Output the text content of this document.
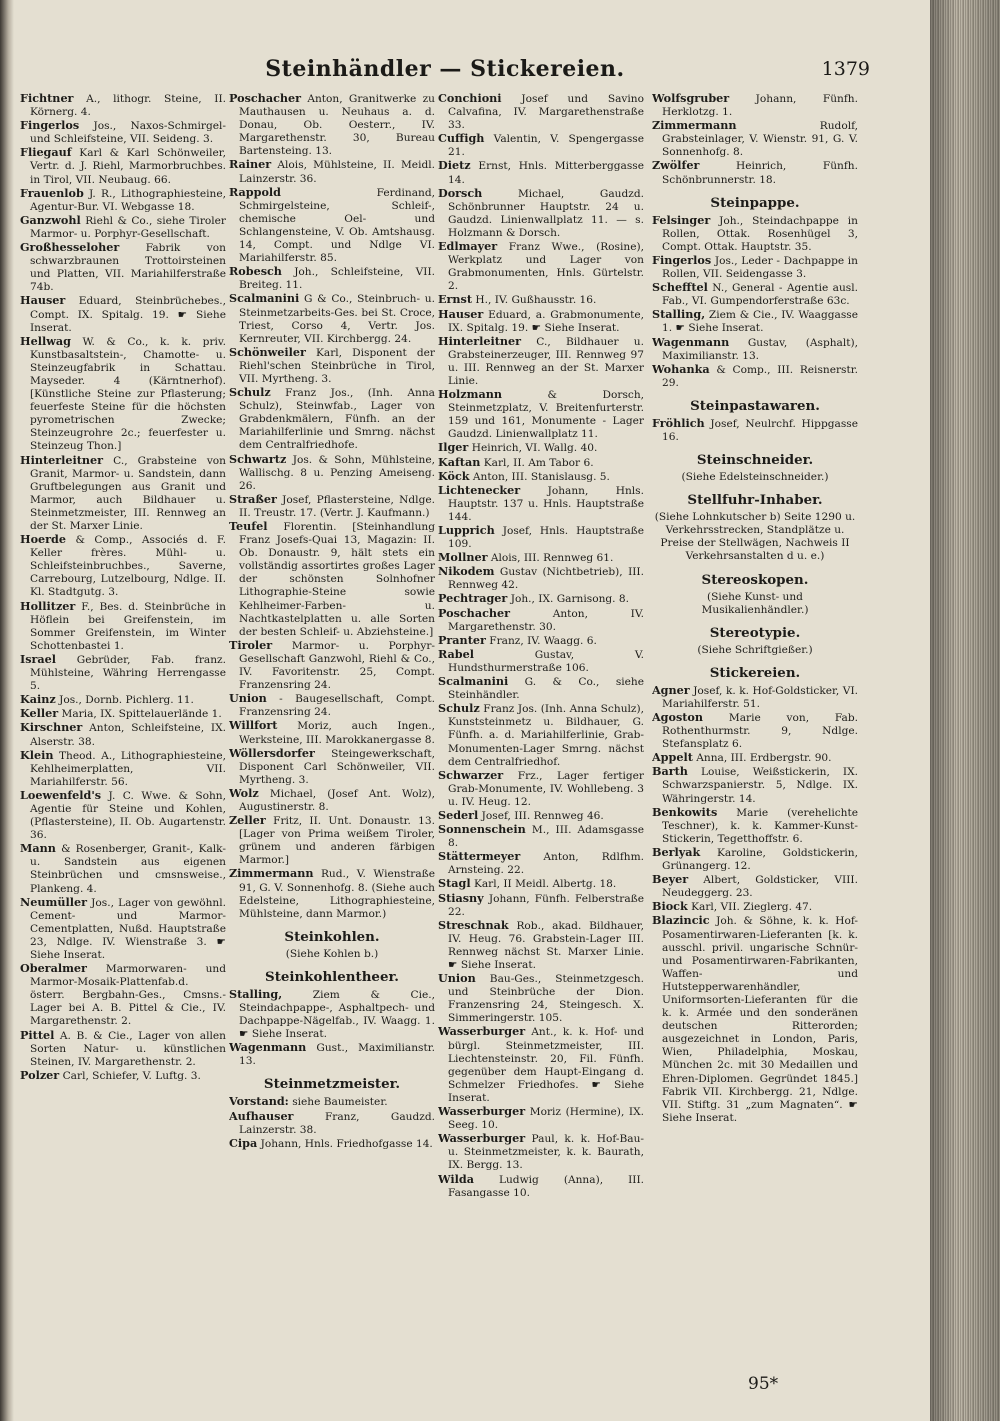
Steinhändler — Stickereien.	1379

Fichtner A., lithogr. Steine, II. Körnerg. 4.

Fingerlos Jos., Naxos-Schmirgel- und Schleifsteine, VII. Seideng. 3.

Fliegauf Karl & Karl Schönweiler, Vertr. d. J. Riehl, Marmorbruchbes. in Tirol, VII. Neubaug. 66.

Frauenlob J. R., Lithographiesteine, Agentur-Bur. VI. Webgasse 18.

Ganzwohl Riehl & Co., siehe Tiroler Marmor- u. Porphyr-Gesellschaft.

Großhesseloher Fabrik von schwarzbraunen Trottoirsteinen und Platten, VII. Mariahilferstraße 74b.

Hauser Eduard, Steinbrüchebes., Compt. IX. Spitalg. 19. ☛ Siehe Inserat.

Hellwag W. & Co., k. k. priv. Kunstbasaltstein-, Chamotte- u. Steinzeugfabrik in Schattau. Mayseder. 4 (Kärntnerhof). [Künstliche Steine zur Pflasterung; feuerfeste Steine für die höchsten pyrometrischen Zwecke; Steinzeugrohre 2c.; feuerfester u. Steinzeug Thon.]

Hinterleitner C., Grabsteine von Granit, Marmor- u. Sandstein, dann Gruftbelegungen aus Granit und Marmor, auch Bildhauer u. Steinmetzmeister, III. Rennweg an der St. Marxer Linie.

Hoerde & Comp., Associés d. F. Keller frères. Mühl- u. Schleifsteinbruchbes., Saverne, Carrebourg, Lutzelbourg, Ndlge. II. Kl. Stadtgutg. 3.

Hollitzer F., Bes. d. Steinbrüche in Höflein bei Greifenstein, im Sommer Greifenstein, im Winter Schottenbastei 1.

Israel Gebrüder, Fab. franz. Mühlsteine, Währing Herrengasse 5.

Kainz Jos., Dornb. Pichlerg. 11.

Keller Maria, IX. Spittelauerlände 1.

Kirschner Anton, Schleifsteine, IX. Alserstr. 38.

Klein Theod. A., Lithographiesteine, Kehlheimerplatten, VII. Mariahilferstr. 56.

Loewenfeld's J. C. Wwe. & Sohn, Agentie für Steine und Kohlen, (Pflastersteine), II. Ob. Augartenstr. 36.

Mann & Rosenberger, Granit-, Kalk- u. Sandstein aus eigenen Steinbrüchen und cmsnsweise., Plankeng. 4.

Neumüller Jos., Lager von gewöhnl. Cement- und Marmor-Cementplatten, Nußd. Hauptstraße 23, Ndlge. IV. Wienstraße 3. ☛ Siehe Inserat.

Oberalmer Marmorwaren- und Marmor-Mosaik-Plattenfab.d. österr. Bergbahn-Ges., Cmsns.-Lager bei A. B. Pittel & Cie., IV. Margarethenstr. 2.

Pittel A. B. & Cie., Lager von allen Sorten Natur- u. künstlichen Steinen, IV. Margarethenstr. 2.

Polzer Carl, Schiefer, V. Luftg. 3.

Poschacher Anton, Granitwerke zu Mauthausen u. Neuhaus a. d. Donau, Ob. Oesterr., IV. Margarethenstr. 30, Bureau Bartensteing. 13.

Rainer Alois, Mühlsteine, II. Meidl. Lainzerstr. 36.

Rappold	Ferdinand, Schmirgelsteine, Schleif-, chemische Oel- und Schlangensteine, V. Ob. Amtshausg. 14, Compt. und Ndlge VI. Mariahilferstr. 85.

Robesch Joh., Schleifsteine, VII. Breiteg. 11.

Scalmanini G & Co., Steinbruch- u. Steinmetzarbeits-Ges. bei St. Croce, Triest, Corso 4, Vertr. Jos. Kernreuter, VII. Kirchbergg. 24.

Schönweiler Karl, Disponent der Riehl'schen Steinbrüche in Tirol, VII. Myrtheng. 3.

Schulz Franz Jos., (Inh. Anna Schulz), Steinwfab., Lager von Grabdenkmälern, Fünfh. an der Mariahilferlinie und Smrng. nächst dem Centralfriedhofe.

Schwartz Jos. & Sohn, Mühlsteine, Wallischg. 8 u. Penzing Ameiseng. 26.

Straßer Josef, Pflastersteine, Ndlge. II. Treustr. 17. (Vertr. J. Kaufmann.)

Teufel Florentin. [Steinhandlung Franz Josefs-Quai 13, Magazin: II. Ob. Donaustr. 9, hält stets ein vollständig assortirtes großes Lager der schönsten Solnhofner Lithographie-Steine sowie Kehlheimer-Farben- u. Nachtkastelplatten u. alle Sorten der besten Schleif- u. Abziehsteine.]

Tiroler Marmor- u. Porphyr-Gesellschaft Ganzwohl, Riehl & Co., IV. Favoritenstr. 25, Compt. Franzensring 24.

Union - Baugesellschaft, Compt. Franzensring 24.

Willfort Moriz, auch Ingen., Werksteine, III. Marokkanergasse 8.

Wöllersdorfer Steingewerkschaft, Disponent Carl Schönweiler, VII. Myrtheng. 3.

Wolz Michael, (Josef Ant. Wolz), Augustinerstr. 8.

Zeller Fritz, II. Unt. Donaustr. 13. [Lager von Prima weißem Tiroler, grünem und anderen färbigen Marmor.]

Zimmermann Rud., V. Wienstraße 91, G. V. Sonnenhofg. 8. (Siehe auch Edelsteine, Lithographiesteine, Mühlsteine, dann Marmor.)

Steinkohlen.
(Siehe Kohlen b.)
Steinkohlentheer.

Stalling,	Ziem & Cie., Steindachpappe-, Asphaltpech- und Dachpappe-Nägelfab., IV. Waagg. 1. ☛ Siehe Inserat.

Wagenmann Gust., Maximilianstr. 13.

Steinmetzmeister.

Vorstand: siehe Baumeister.

Aufhauser	Franz, Gaudzd. Lainzerstr. 38.

Cipa Johann, Hnls. Friedhofgasse 14.

Conchioni Josef und Savino Calvafina, IV. Margarethenstraße 33.

Cuffigh Valentin, V. Spengergasse 21.

Dietz Ernst, Hnls. Mitterberggasse 14.

Dorsch	Michael, Gaudzd. Schönbrunner Hauptstr. 24 u. Gaudzd. Linienwallplatz 11. — s. Holzmann & Dorsch.

Edlmayer Franz Wwe., (Rosine), Werkplatz und Lager von Grabmonumenten, Hnls. Gürtelstr. 2.

Ernst H., IV. Gußhausstr. 16.

Hauser Eduard, a. Grabmonumente, IX. Spitalg. 19. ☛ Siehe Inserat.

Hinterleitner C., Bildhauer u. Grabsteinerzeuger, III. Rennweg 97 u. III. Rennweg an der St. Marxer Linie.

Holzmann	& Dorsch, Steinmetzplatz, V. Breitenfurterstr. 159 und 161, Monumente - Lager Gaudzd. Linienwallplatz 11.

Ilger Heinrich, VI. Wallg. 40.

Kaftan Karl, II. Am Tabor 6.

Köck Anton, III. Stanislausg. 5.

Lichtenecker	Johann, Hnls. Hauptstr. 137 u. Hnls. Hauptstraße 144.

Lupprich Josef, Hnls. Hauptstraße 109.

Mollner Alois, III. Rennweg 61.

Nikodem Gustav (Nichtbetrieb), III. Rennweg 42.

Pechtrager Joh., IX. Garnisong. 8.

Poschacher	Anton, IV. Margarethenstr. 30.

Pranter Franz, IV. Waagg. 6.

Rabel	Gustav, V. Hundsthurmerstraße 106.

Scalmanini G. & Co., siehe Steinhändler.

Schulz Franz Jos. (Inh. Anna Schulz), Kunststeinmetz u. Bildhauer, G. Fünfh. a. d. Mariahilferlinie, Grab-Monumenten-Lager Smrng. nächst dem Centralfriedhof.

Schwarzer Frz., Lager fertiger Grab-Monumente, IV. Wohllebeng. 3 u. IV. Heug. 12.

Sederl Josef, III. Rennweg 46.

Sonnenschein M., III. Adamsgasse 8.

Stättermeyer Anton, Rdlfhm. Arnsteing. 22.

Stagl Karl, II Meidl. Albertg. 18.

Stiasny Johann, Fünfh. Felberstraße 22.

Streschnak Rob., akad. Bildhauer, IV. Heug. 76. Grabstein-Lager III. Rennweg nächst St. Marxer Linie. ☛ Siehe Inserat.

Union Bau-Ges., Steinmetzgesch. und Steinbrüche der Dion. Franzensring 24, Steingesch. X. Simmeringerstr. 105.

Wasserburger Ant., k. k. Hof- und bürgl. Steinmetzmeister, III. Liechtensteinstr. 20, Fil. Fünfh. gegenüber dem Haupt-Eingang d. Schmelzer Friedhofes. ☛ Siehe Inserat.

Wasserburger Moriz (Hermine), IX. Seeg. 10.

Wasserburger Paul, k. k. Hof-Bau- u. Steinmetzmeister, k. k. Baurath, IX. Bergg. 13.

Wilda Ludwig (Anna), III. Fasangasse 10.

Wolfsgruber Johann, Fünfh. Herklotzg. 1.

Zimmermann	Rudolf, Grabsteinlager, V. Wienstr. 91, G. V. Sonnenhofg. 8.

Zwölfer	Heinrich, Fünfh. Schönbrunnerstr. 18.

Steinpappe.

Felsinger Joh., Steindachpappe in Rollen, Ottak. Rosenhügel 3, Compt. Ottak. Hauptstr. 35.

Fingerlos Jos., Leder - Dachpappe in Rollen, VII. Seidengasse 3.

Schefftel N., General - Agentie ausl. Fab., VI. Gumpendorferstraße 63c.

Stalling, Ziem & Cie., IV. Waaggasse 1. ☛ Siehe Inserat.

Wagenmann Gustav, (Asphalt), Maximilianstr. 13.

Wohanka & Comp., III. Reisnerstr. 29.

Steinpastawaren.

Fröhlich Josef, Neulrchf. Hippgasse 16.

Steinschneider.
(Siehe Edelsteinschneider.)
Stellfuhr-Inhaber.
(Siehe Lohnkutscher b) Seite 1290 u. Verkehrsstrecken, Standplätze u. Preise der Stellwägen, Nachweis II Verkehrsanstalten d u. e.)
Stereoskopen.
(Siehe Kunst- und Musikalienhändler.)
Stereotypie.
(Siehe Schriftgießer.)
Stickereien.

Agner Josef, k. k. Hof-Goldsticker, VI. Mariahilferstr. 51.

Agoston Marie von, Fab. Rothenthurmstr. 9, Ndlge. Stefansplatz 6.

Appelt Anna, III. Erdbergstr. 90.

Barth Louise, Weißstickerin, IX. Schwarzspanierstr. 5, Ndlge. IX. Währingerstr. 14.

Benkowits Marie (verehelichte Teschner), k. k. Kammer-Kunst-Stickerin, Tegetthoffstr. 6.

Berlyak Karoline, Goldstickerin, Grünangerg. 12.

Beyer Albert, Goldsticker, VIII. Neudeggerg. 23.

Biock Karl, VII. Zieglerg. 47.

Blazincic Joh. & Söhne, k. k. Hof-Posamentirwaren-Lieferanten [k. k. ausschl. privil. ungarische Schnür- und Posamentirwaren-Fabrikanten, Waffen- und Hutstepperwarenhändler, Uniformsorten-Lieferanten für die k. k. Armée und den sonderänen deutschen Ritterorden; ausgezeichnet in London, Paris, Wien, Philadelphia, Moskau, München 2c. mit 30 Medaillen und Ehren-Diplomen. Gegründet 1845.] Fabrik VII. Kirchbergg. 21, Ndlge. VII. Stiftg. 31 „zum Magnaten“. ☛ Siehe Inserat.

95*
